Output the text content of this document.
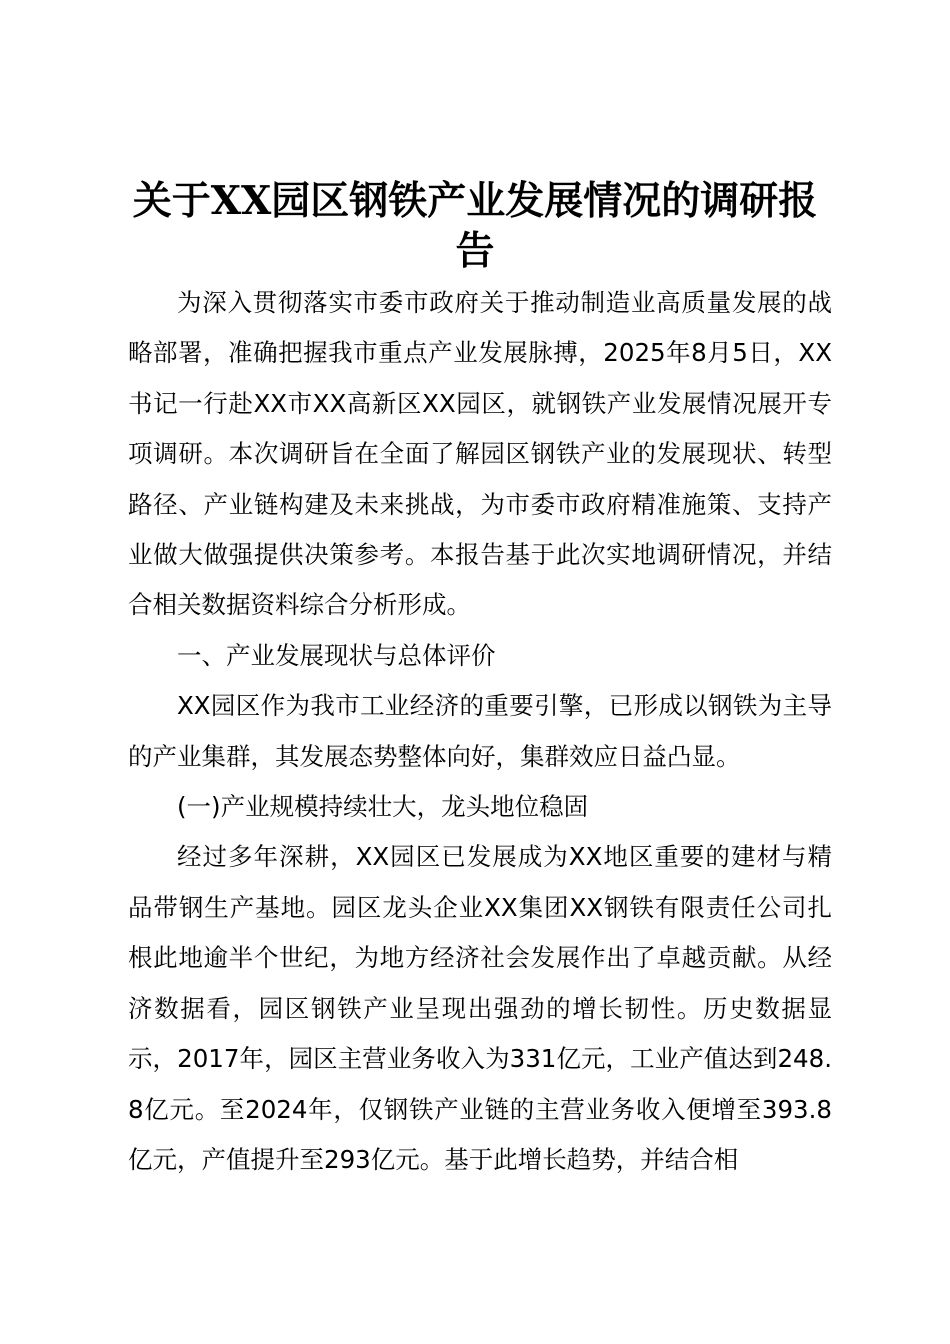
关于XX园区钢铁产业发展情况的调研报告

为深入贯彻落实市委市政府关于推动制造业高质量发展的战略部署，准确把握我市重点产业发展脉搏，2025年8月5日，XX书记一行赴XX市XX高新区XX园区，就钢铁产业发展情况展开专项调研。本次调研旨在全面了解园区钢铁产业的发展现状、转型路径、产业链构建及未来挑战，为市委市政府精准施策、支持产业做大做强提供决策参考。本报告基于此次实地调研情况，并结合相关数据资料综合分析形成。

一、产业发展现状与总体评价

XX园区作为我市工业经济的重要引擎，已形成以钢铁为主导的产业集群，其发展态势整体向好，集群效应日益凸显。

(一)产业规模持续壮大，龙头地位稳固

经过多年深耕，XX园区已发展成为XX地区重要的建材与精品带钢生产基地。园区龙头企业XX集团XX钢铁有限责任公司扎根此地逾半个世纪，为地方经济社会发展作出了卓越贡献。从经济数据看，园区钢铁产业呈现出强劲的增长韧性。历史数据显示，2017年，园区主营业务收入为331亿元，工业产值达到248.8亿元。至2024年，仅钢铁产业链的主营业务收入便增至393.8亿元，产值提升至293亿元。基于此增长趋势，并结合相
